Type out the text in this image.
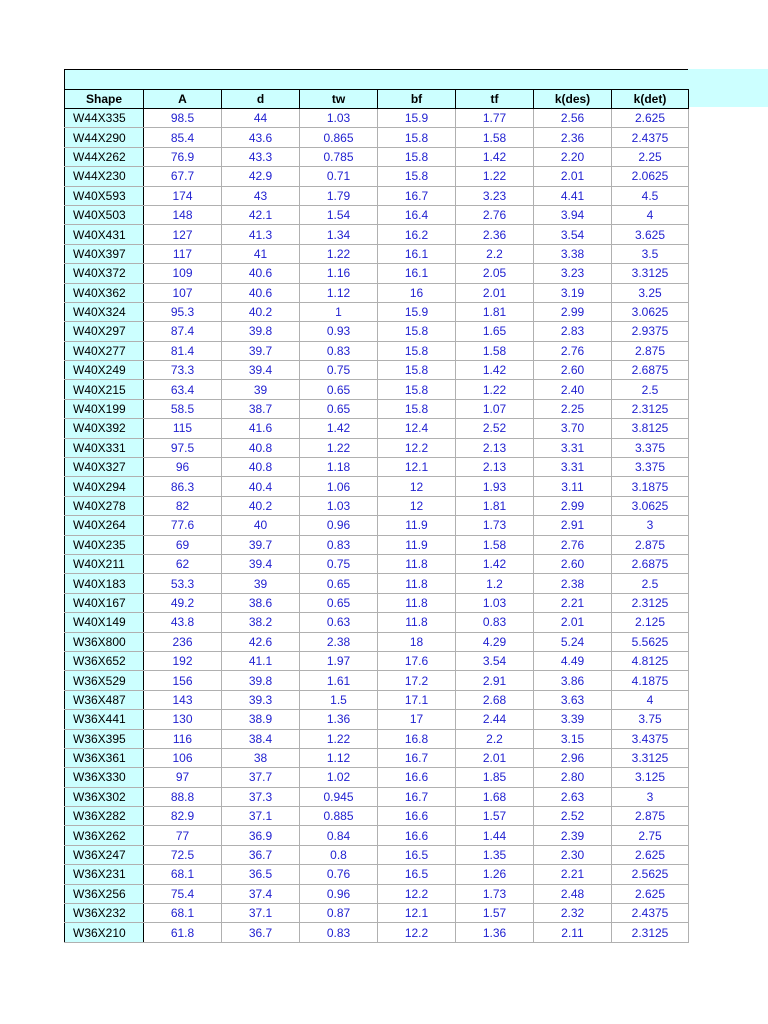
Shape	A	d	tw	bf	tf	k(des)	k(det)
W44X335	98.5	44	1.03	15.9	1.77	2.56	2.625
W44X290	85.4	43.6	0.865	15.8	1.58	2.36	2.4375
W44X262	76.9	43.3	0.785	15.8	1.42	2.20	2.25
W44X230	67.7	42.9	0.71	15.8	1.22	2.01	2.0625
W40X593	174	43	1.79	16.7	3.23	4.41	4.5
W40X503	148	42.1	1.54	16.4	2.76	3.94	4
W40X431	127	41.3	1.34	16.2	2.36	3.54	3.625
W40X397	117	41	1.22	16.1	2.2	3.38	3.5
W40X372	109	40.6	1.16	16.1	2.05	3.23	3.3125
W40X362	107	40.6	1.12	16	2.01	3.19	3.25
W40X324	95.3	40.2	1	15.9	1.81	2.99	3.0625
W40X297	87.4	39.8	0.93	15.8	1.65	2.83	2.9375
W40X277	81.4	39.7	0.83	15.8	1.58	2.76	2.875
W40X249	73.3	39.4	0.75	15.8	1.42	2.60	2.6875
W40X215	63.4	39	0.65	15.8	1.22	2.40	2.5
W40X199	58.5	38.7	0.65	15.8	1.07	2.25	2.3125
W40X392	115	41.6	1.42	12.4	2.52	3.70	3.8125
W40X331	97.5	40.8	1.22	12.2	2.13	3.31	3.375
W40X327	96	40.8	1.18	12.1	2.13	3.31	3.375
W40X294	86.3	40.4	1.06	12	1.93	3.11	3.1875
W40X278	82	40.2	1.03	12	1.81	2.99	3.0625
W40X264	77.6	40	0.96	11.9	1.73	2.91	3
W40X235	69	39.7	0.83	11.9	1.58	2.76	2.875
W40X211	62	39.4	0.75	11.8	1.42	2.60	2.6875
W40X183	53.3	39	0.65	11.8	1.2	2.38	2.5
W40X167	49.2	38.6	0.65	11.8	1.03	2.21	2.3125
W40X149	43.8	38.2	0.63	11.8	0.83	2.01	2.125
W36X800	236	42.6	2.38	18	4.29	5.24	5.5625
W36X652	192	41.1	1.97	17.6	3.54	4.49	4.8125
W36X529	156	39.8	1.61	17.2	2.91	3.86	4.1875
W36X487	143	39.3	1.5	17.1	2.68	3.63	4
W36X441	130	38.9	1.36	17	2.44	3.39	3.75
W36X395	116	38.4	1.22	16.8	2.2	3.15	3.4375
W36X361	106	38	1.12	16.7	2.01	2.96	3.3125
W36X330	97	37.7	1.02	16.6	1.85	2.80	3.125
W36X302	88.8	37.3	0.945	16.7	1.68	2.63	3
W36X282	82.9	37.1	0.885	16.6	1.57	2.52	2.875
W36X262	77	36.9	0.84	16.6	1.44	2.39	2.75
W36X247	72.5	36.7	0.8	16.5	1.35	2.30	2.625
W36X231	68.1	36.5	0.76	16.5	1.26	2.21	2.5625
W36X256	75.4	37.4	0.96	12.2	1.73	2.48	2.625
W36X232	68.1	37.1	0.87	12.1	1.57	2.32	2.4375
W36X210	61.8	36.7	0.83	12.2	1.36	2.11	2.3125
